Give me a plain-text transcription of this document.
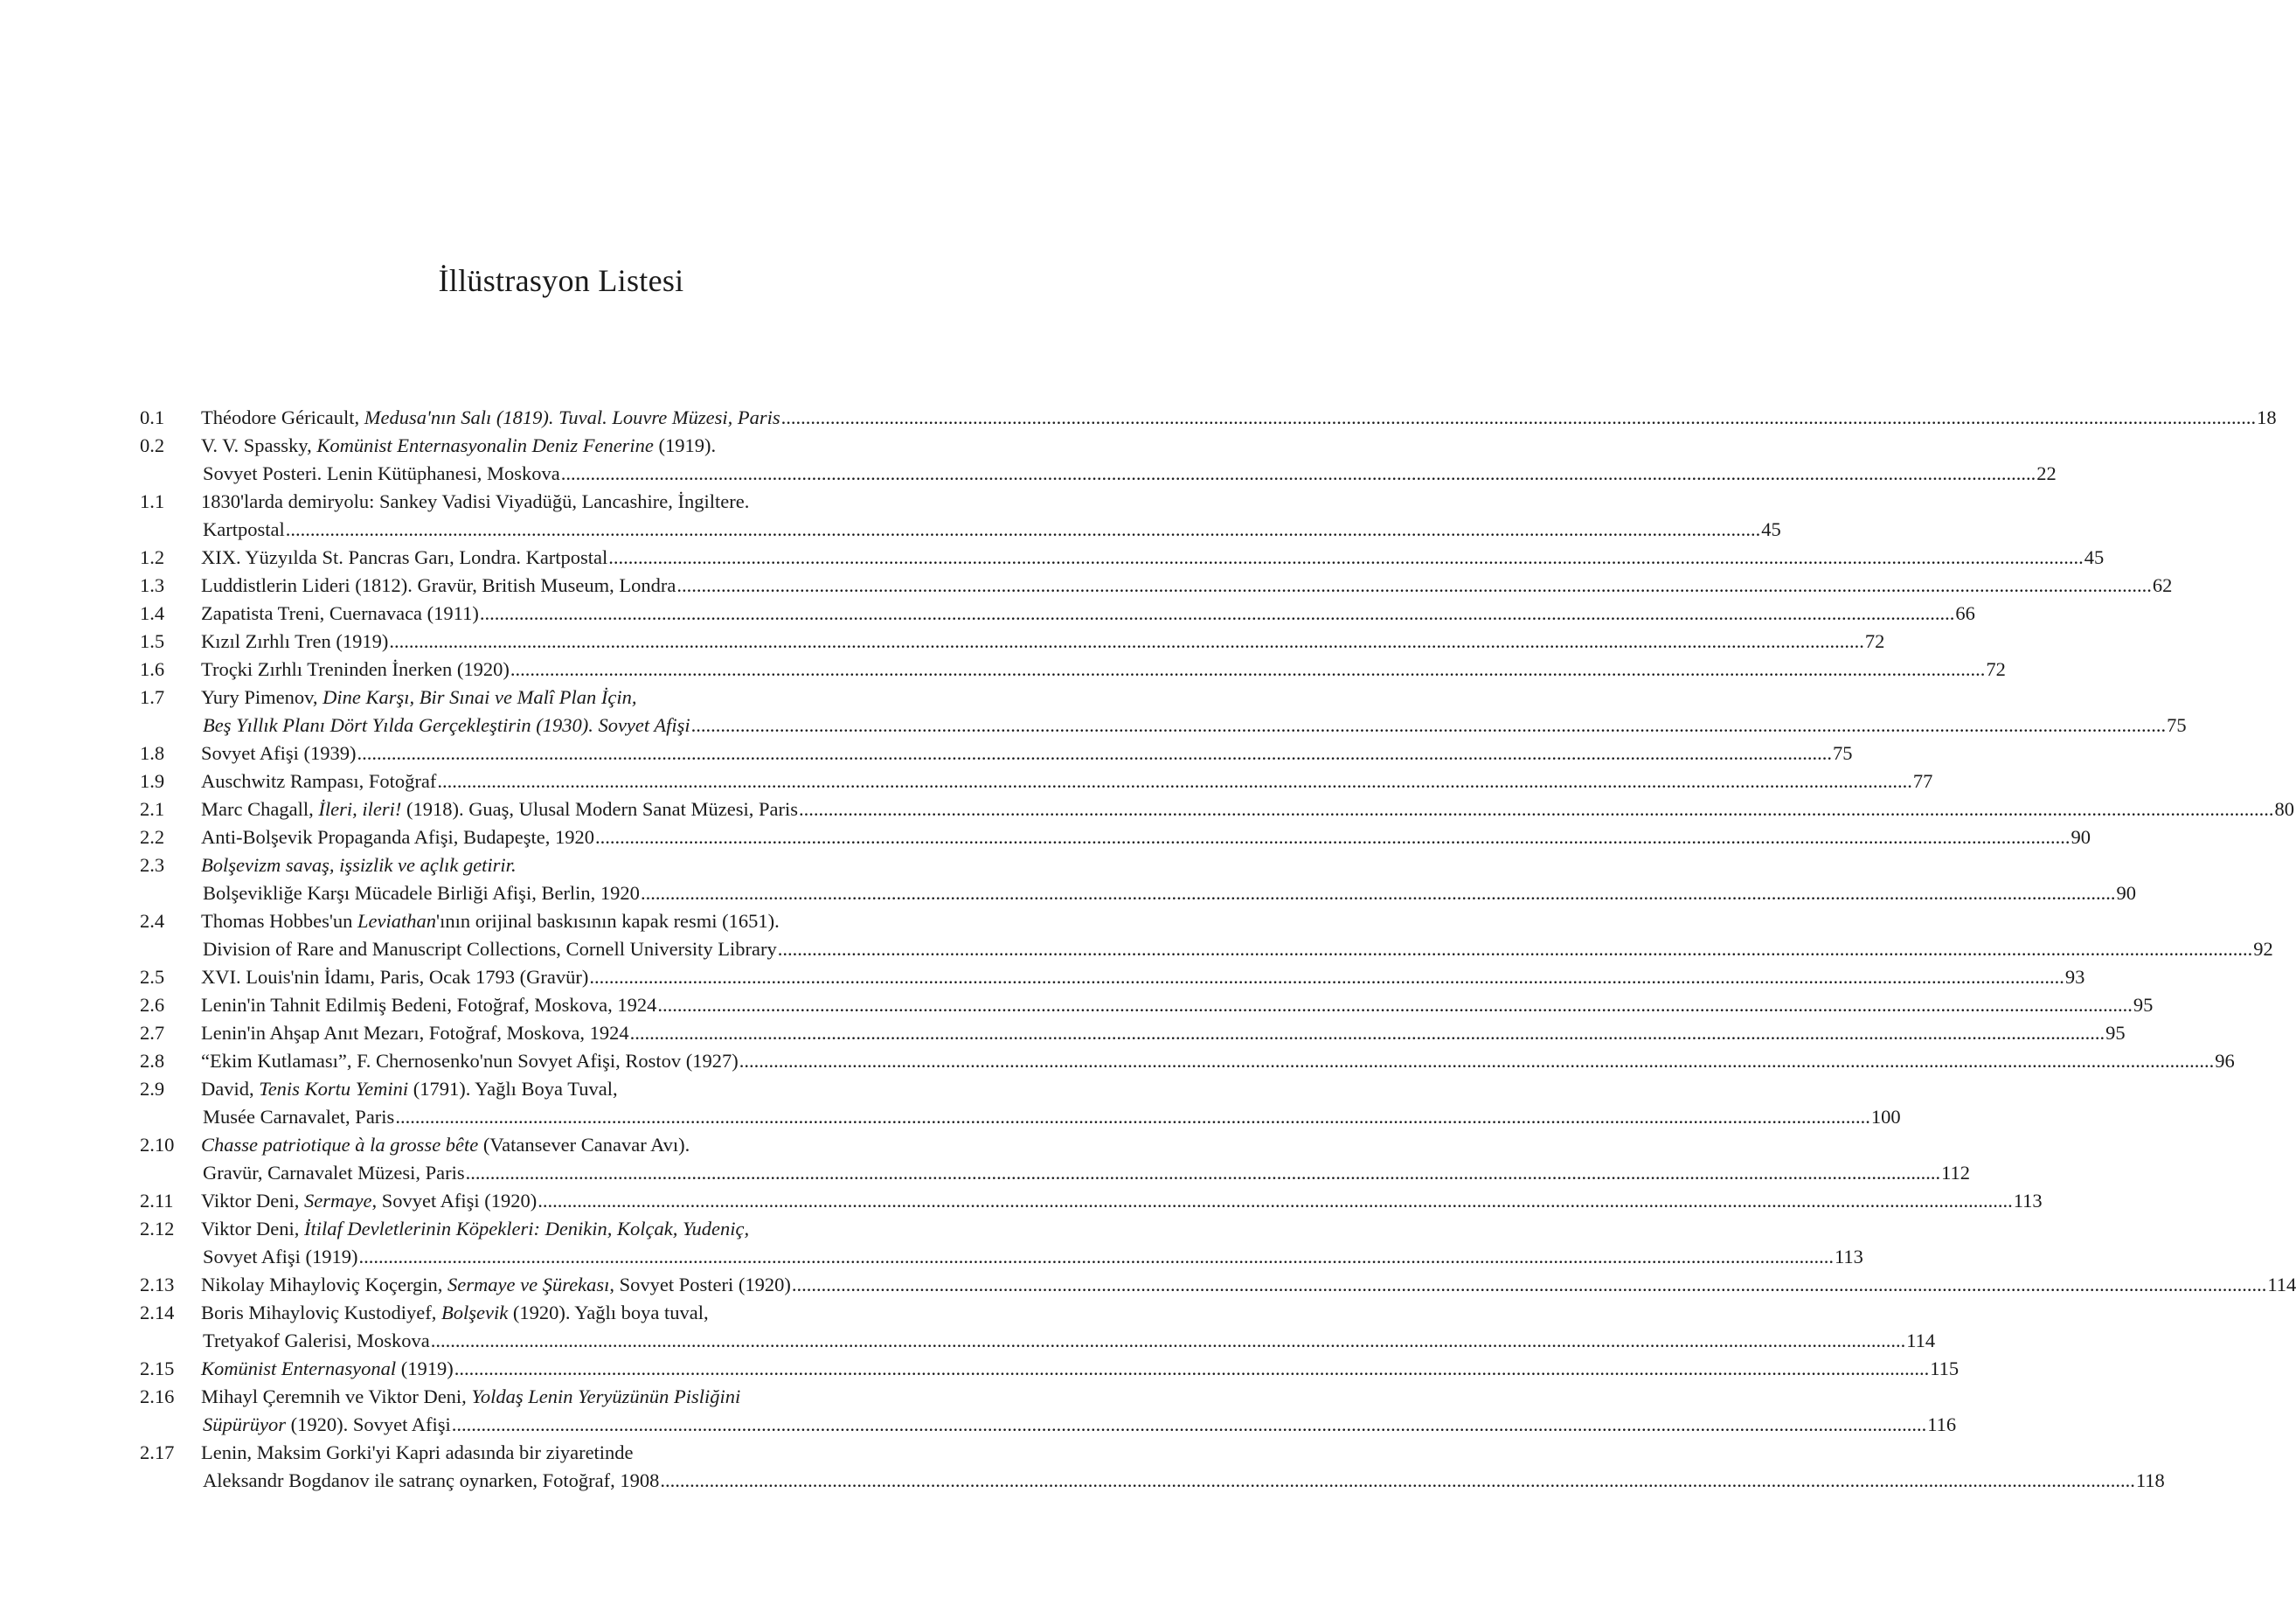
İllüstrasyon Listesi
0.1	Théodore Géricault, Medusa'nın Salı (1819). Tuval. Louvre Müzesi, Paris ............................................................................................................................................................................................................................................................................................................ 18
0.2	V. V. Spassky, Komünist Enternasyonalin Deniz Fenerine (1919).
Sovyet Posteri. Lenin Kütüphanesi, Moskova ............................................................................................................................................................................................................................................................................................................ 22
1.1	1830'larda demiryolu: Sankey Vadisi Viyadüğü, Lancashire, İngiltere.
Kartpostal ............................................................................................................................................................................................................................................................................................................ 45
1.2	XIX. Yüzyılda St. Pancras Garı, Londra. Kartpostal ............................................................................................................................................................................................................................................................................................................ 45
1.3	Luddistlerin Lideri (1812). Gravür, British Museum, Londra ............................................................................................................................................................................................................................................................................................................ 62
1.4	Zapatista Treni, Cuernavaca (1911) ............................................................................................................................................................................................................................................................................................................ 66
1.5	Kızıl Zırhlı Tren (1919) ............................................................................................................................................................................................................................................................................................................ 72
1.6	Troçki Zırhlı Treninden İnerken (1920) ............................................................................................................................................................................................................................................................................................................ 72
1.7	Yury Pimenov, Dine Karşı, Bir Sınai ve Malî Plan İçin,
Beş Yıllık Planı Dört Yılda Gerçekleştirin (1930). Sovyet Afişi ............................................................................................................................................................................................................................................................................................................ 75
1.8	Sovyet Afişi (1939) ............................................................................................................................................................................................................................................................................................................ 75
1.9	Auschwitz Rampası, Fotoğraf ............................................................................................................................................................................................................................................................................................................ 77
2.1	Marc Chagall, İleri, ileri! (1918). Guaş, Ulusal Modern Sanat Müzesi, Paris ............................................................................................................................................................................................................................................................................................................ 80
2.2	Anti-Bolşevik Propaganda Afişi, Budapeşte, 1920 ............................................................................................................................................................................................................................................................................................................ 90
2.3	Bolşevizm savaş, işsizlik ve açlık getirir.
Bolşevikliğe Karşı Mücadele Birliği Afişi, Berlin, 1920 ............................................................................................................................................................................................................................................................................................................ 90
2.4	Thomas Hobbes'un Leviathan'ının orijinal baskısının kapak resmi (1651).
Division of Rare and Manuscript Collections, Cornell University Library ............................................................................................................................................................................................................................................................................................................ 92
2.5	XVI. Louis'nin İdamı, Paris, Ocak 1793 (Gravür) ............................................................................................................................................................................................................................................................................................................ 93
2.6	Lenin'in Tahnit Edilmiş Bedeni, Fotoğraf, Moskova, 1924 ............................................................................................................................................................................................................................................................................................................ 95
2.7	Lenin'in Ahşap Anıt Mezarı, Fotoğraf, Moskova, 1924 ............................................................................................................................................................................................................................................................................................................ 95
2.8	“Ekim Kutlaması”, F. Chernosenko'nun Sovyet Afişi, Rostov (1927) ............................................................................................................................................................................................................................................................................................................ 96
2.9	David, Tenis Kortu Yemini (1791). Yağlı Boya Tuval,
Musée Carnavalet, Paris ............................................................................................................................................................................................................................................................................................................ 100
2.10	Chasse patriotique à la grosse bête (Vatansever Canavar Avı).
Gravür, Carnavalet Müzesi, Paris ............................................................................................................................................................................................................................................................................................................ 112
2.11	Viktor Deni, Sermaye, Sovyet Afişi (1920) ............................................................................................................................................................................................................................................................................................................ 113
2.12	Viktor Deni, İtilaf Devletlerinin Köpekleri: Denikin, Kolçak, Yudeniç,
Sovyet Afişi (1919) ............................................................................................................................................................................................................................................................................................................ 113
2.13	Nikolay Mihayloviç Koçergin, Sermaye ve Şürekası, Sovyet Posteri (1920) ............................................................................................................................................................................................................................................................................................................ 114
2.14	Boris Mihayloviç Kustodiyef, Bolşevik (1920). Yağlı boya tuval,
Tretyakof Galerisi, Moskova ............................................................................................................................................................................................................................................................................................................ 114
2.15	Komünist Enternasyonal (1919) ............................................................................................................................................................................................................................................................................................................ 115
2.16	Mihayl Çeremnih ve Viktor Deni, Yoldaş Lenin Yeryüzünün Pisliğini
Süpürüyor (1920). Sovyet Afişi ............................................................................................................................................................................................................................................................................................................ 116
2.17	Lenin, Maksim Gorki'yi Kapri adasında bir ziyaretinde
Aleksandr Bogdanov ile satranç oynarken, Fotoğraf, 1908 ............................................................................................................................................................................................................................................................................................................ 118
